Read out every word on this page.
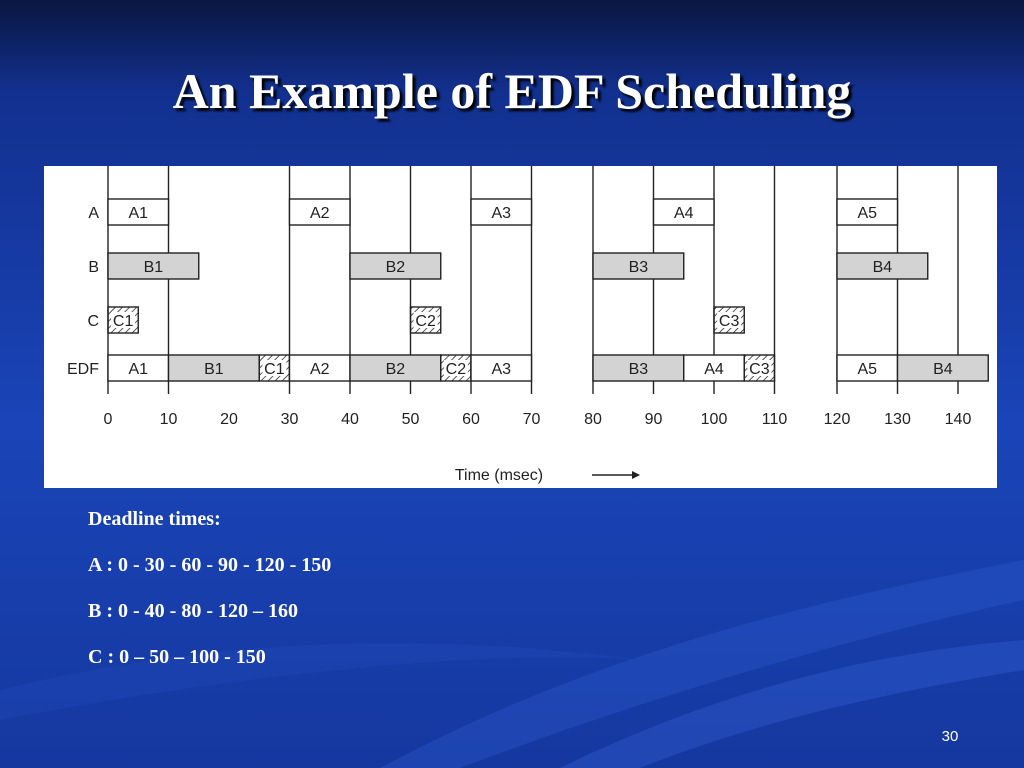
An Example of EDF Scheduling
A
B
C
EDF
A1	A2	A3	A4	A5
B1	B2	B3	B4
C1	C2	C3
A1	B1	C1 A2	B2	C2 A3	B3	A4 C3	A5	B4
0	10	20	30	40	50	60	70	80	90 100 110 120 130 140
Time (msec)
Deadline times:
A : 0 - 30 - 60 - 90 - 120 - 150
B : 0 - 40 - 80 - 120 – 160
C : 0 – 50 – 100 - 150
30
